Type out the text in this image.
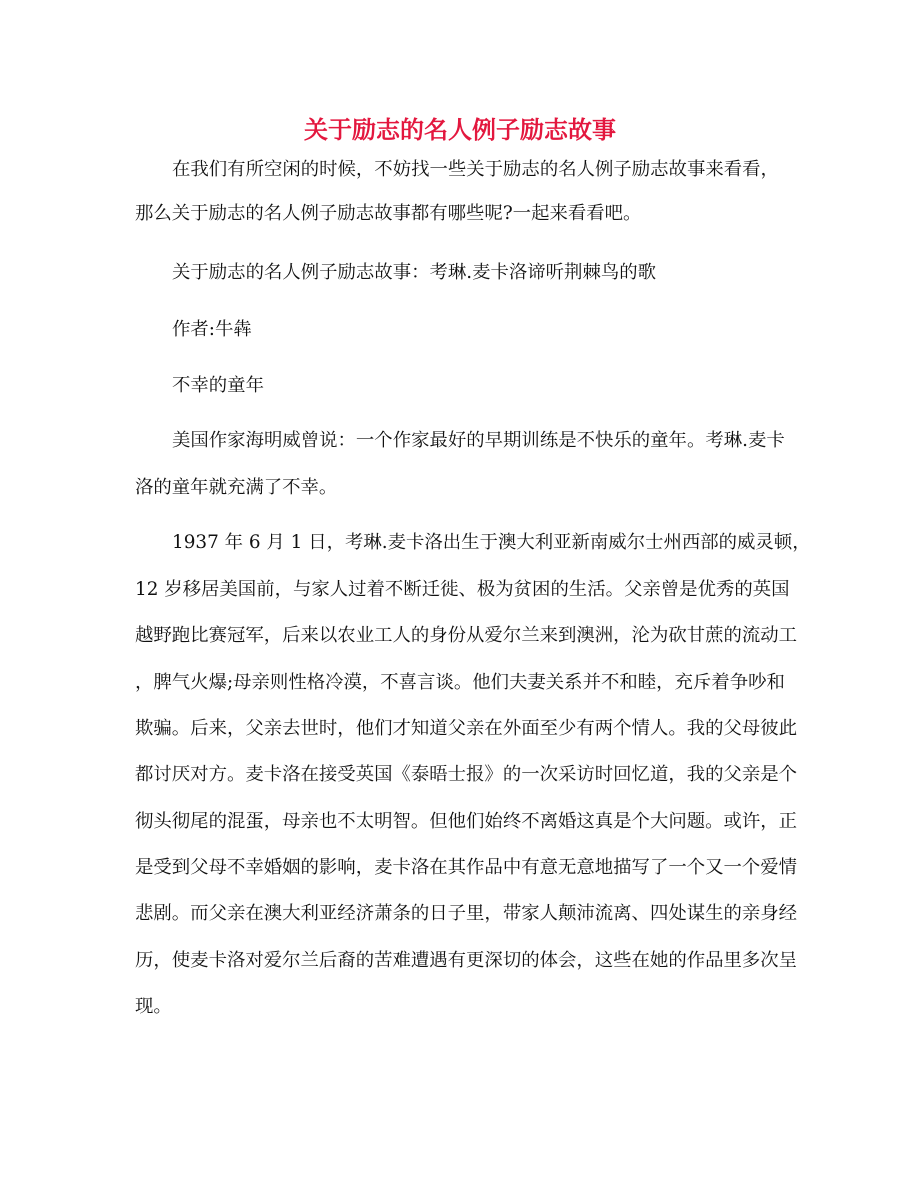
关于励志的名人例子励志故事
在我们有所空闲的时候，不妨找一些关于励志的名人例子励志故事来看看，
那么关于励志的名人例子励志故事都有哪些呢?一起来看看吧。
关于励志的名人例子励志故事：考琳.麦卡洛谛听荆棘鸟的歌
作者:牛犇
不幸的童年
美国作家海明威曾说：一个作家最好的早期训练是不快乐的童年。考琳.麦卡
洛的童年就充满了不幸。
1937 年 6 月 1 日，考琳.麦卡洛出生于澳大利亚新南威尔士州西部的威灵顿，
12 岁移居美国前，与家人过着不断迁徙、极为贫困的生活。父亲曾是优秀的英国
越野跑比赛冠军，后来以农业工人的身份从爱尔兰来到澳洲，沦为砍甘蔗的流动工
，脾气火爆;母亲则性格冷漠，不喜言谈。他们夫妻关系并不和睦，充斥着争吵和
欺骗。后来，父亲去世时，他们才知道父亲在外面至少有两个情人。我的父母彼此
都讨厌对方。麦卡洛在接受英国《泰晤士报》的一次采访时回忆道，我的父亲是个
彻头彻尾的混蛋，母亲也不太明智。但他们始终不离婚这真是个大问题。或许，正
是受到父母不幸婚姻的影响，麦卡洛在其作品中有意无意地描写了一个又一个爱情
悲剧。而父亲在澳大利亚经济萧条的日子里，带家人颠沛流离、四处谋生的亲身经
历，使麦卡洛对爱尔兰后裔的苦难遭遇有更深切的体会，这些在她的作品里多次呈
现。
